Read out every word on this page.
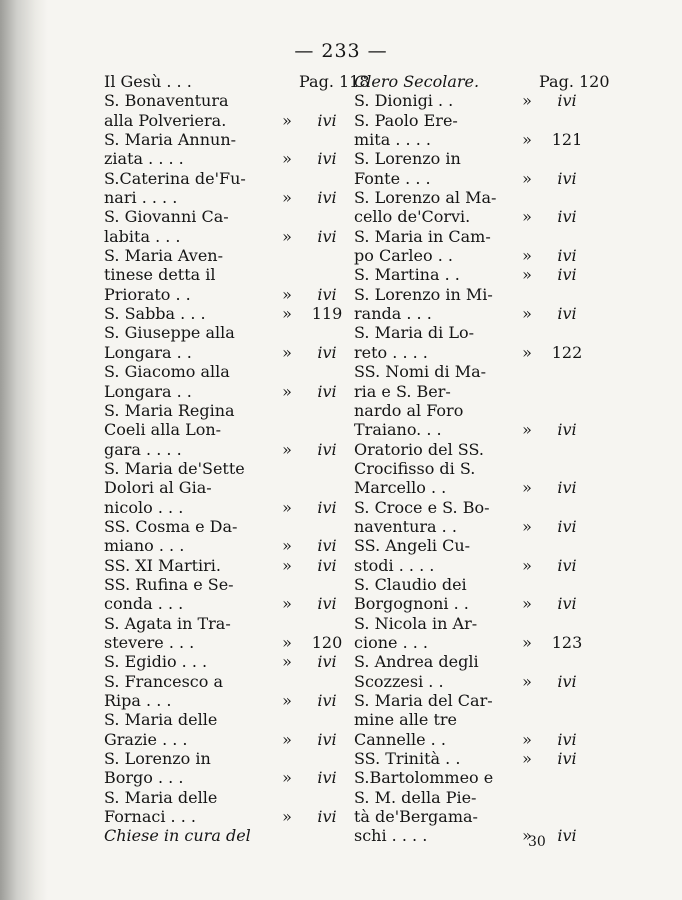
— 233 —
Il Gesù . . .	Pag. 118
S. Bonaventura
alla Polveriera.	»	ivi
S. Maria Annun-
ziata . . . .	»	ivi
S.Caterina de'Fu-
nari . . . .	»	ivi
S. Giovanni Ca-
labita . . .	»	ivi
S. Maria Aven-
tinese detta il
Priorato . .	»	ivi
S. Sabba . . .	»	119
S. Giuseppe alla
Longara . .	»	ivi
S. Giacomo alla
Longara . .	»	ivi
S. Maria Regina
Coeli alla Lon-
gara . . . .	»	ivi
S. Maria de'Sette
Dolori al Gia-
nicolo . . .	»	ivi
SS. Cosma e Da-
miano . . .	»	ivi
SS. XI Martiri.	»	ivi
SS. Rufina e Se-
conda . . .	»	ivi
S. Agata in Tra-
stevere . . .	»	120
S. Egidio . . .	»	ivi
S. Francesco a
Ripa . . .	»	ivi
S. Maria delle
Grazie . . .	»	ivi
S. Lorenzo in
Borgo . . .	»	ivi
S. Maria delle
Fornaci . . .	»	ivi
Chiese in cura del
Clero Secolare.	Pag. 120
S. Dionigi . .	»	ivi
S. Paolo Ere-
mita . . . .	»	121
S. Lorenzo in
Fonte . . .	»	ivi
S. Lorenzo al Ma-
cello de'Corvi.	»	ivi
S. Maria in Cam-
po Carleo . .	»	ivi
S. Martina . .	»	ivi
S. Lorenzo in Mi-
randa . . .	»	ivi
S. Maria di Lo-
reto . . . .	»	122
SS. Nomi di Ma-
ria e S. Ber-
nardo al Foro
Traiano. . .	»	ivi
Oratorio del SS.
Crocifisso di S.
Marcello . .	»	ivi
S. Croce e S. Bo-
naventura . .	»	ivi
SS. Angeli Cu-
stodi . . . .	»	ivi
S. Claudio dei
Borgognoni . .	»	ivi
S. Nicola in Ar-
cione . . .	»	123
S. Andrea degli
Scozzesi . .	»	ivi
S. Maria del Car-
mine alle tre
Cannelle . .	»	ivi
SS. Trinità . .	»	ivi
S.Bartolommeo e
S. M. della Pie-
tà de'Bergama-
schi . . . .	»	ivi
30
